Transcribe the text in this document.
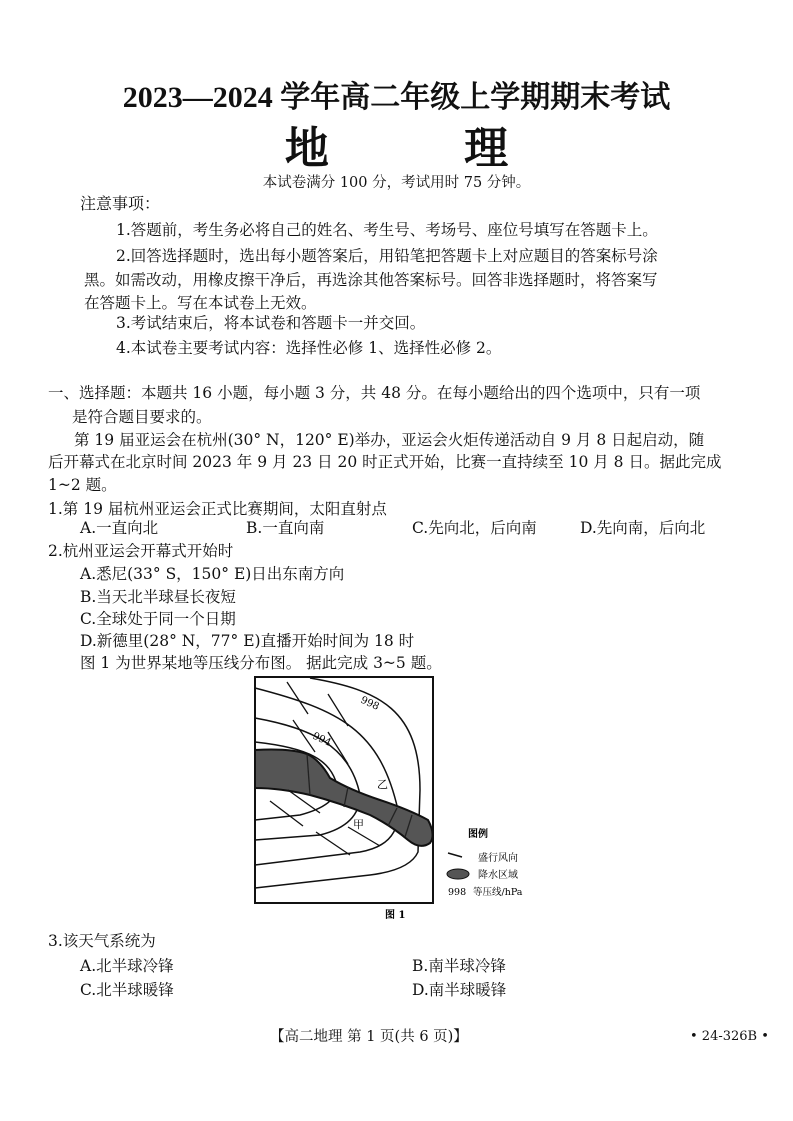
2023—2024 学年高二年级上学期期末考试
地 理
本试卷满分 100 分，考试用时 75 分钟。
注意事项：
1.答题前，考生务必将自己的姓名、考生号、考场号、座位号填写在答题卡上。
2.回答选择题时，选出每小题答案后，用铅笔把答题卡上对应题目的答案标号涂
黑。如需改动，用橡皮擦干净后，再选涂其他答案标号。回答非选择题时，将答案写
在答题卡上。写在本试卷上无效。
3.考试结束后，将本试卷和答题卡一并交回。
4.本试卷主要考试内容：选择性必修 1、选择性必修 2。
一、选择题：本题共 16 小题，每小题 3 分，共 48 分。在每小题给出的四个选项中，只有一项
是符合题目要求的。
第 19 届亚运会在杭州(30° N，120° E)举办，亚运会火炬传递活动自 9 月 8 日起启动，随
后开幕式在北京时间 2023 年 9 月 23 日 20 时正式开始，比赛一直持续至 10 月 8 日。据此完成
1~2 题。
1.第 19 届杭州亚运会正式比赛期间，太阳直射点
A.一直向北	B.一直向南	C.先向北，后向南	D.先向南，后向北
2.杭州亚运会开幕式开始时
A.悉尼(33° S，150° E)日出东南方向
B.当天北半球昼长夜短
C.全球处于同一个日期
D.新德里(28° N，77° E)直播开始时间为 18 时
图 1 为世界某地等压线分布图。 据此完成 3~5 题。
998
994
乙
甲
图例
盛行风向
降水区域
998 等压线/hPa
图 1
3.该天气系统为
A.北半球冷锋	B.南半球冷锋
C.北半球暖锋	D.南半球暖锋
【高二地理 第 1 页(共 6 页)】	• 24-326B •
